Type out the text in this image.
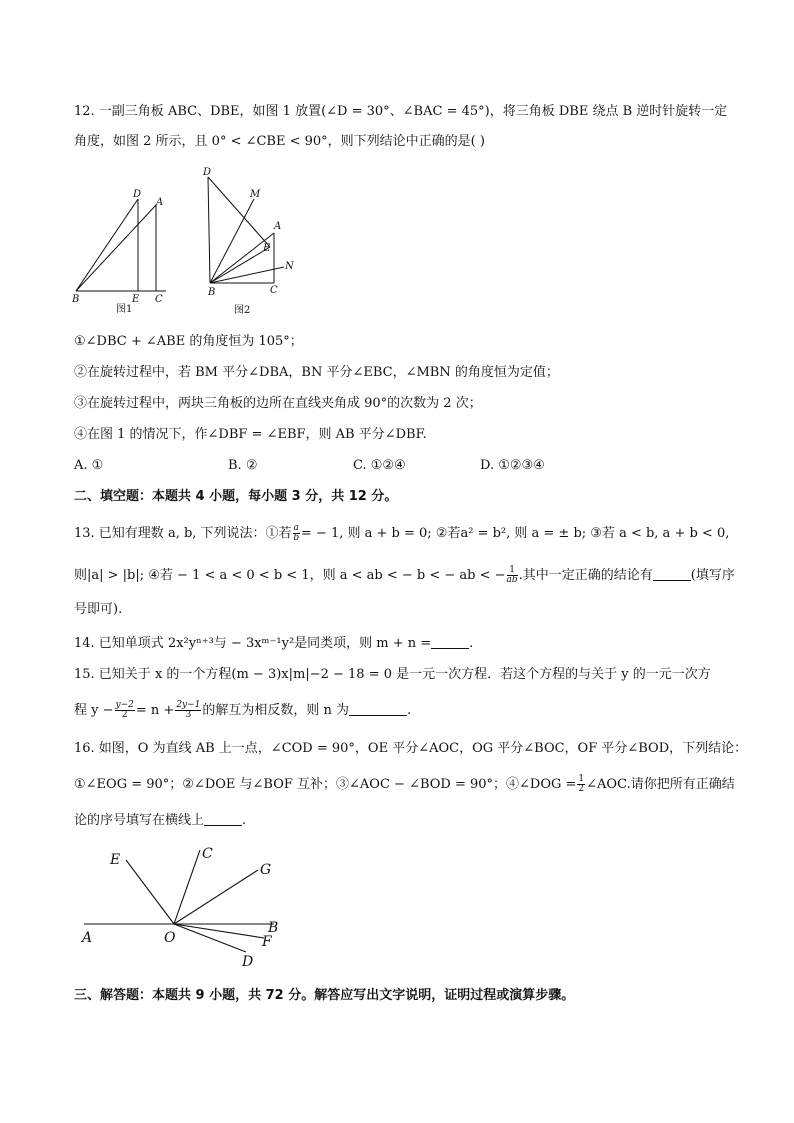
12. 一副三角板 ABC、DBE，如图 1 放置(∠D = 30°、∠BAC = 45°)，将三角板 DBE 绕点 B 逆时针旋转一定
角度，如图 2 所示，且 0° < ∠CBE < 90°，则下列结论中正确的是( )
D
A
B	E C
图1
D
M
A
E
N
B	C
图2
①∠DBC + ∠ABE 的角度恒为 105°；
②在旋转过程中，若 BM 平分∠DBA，BN 平分∠EBC，∠MBN 的角度恒为定值；
③在旋转过程中，两块三角板的边所在直线夹角成 90°的次数为 2 次；
④在图 1 的情况下，作∠DBF = ∠EBF，则 AB 平分∠DBF.
A. ①	B. ②	C. ①②④	D. ①②③④
二、填空题：本题共 4 小题，每小题 3 分，共 12 分。
13. 已知有理数 a, b, 下列说法：①若 $\frac{a}{b}$ = − 1, 则 a + b = 0; ②若a² = b², 则 a = ± b; ③若 a < b, a + b < 0,
则|a| > |b|; ④若 − 1 < a < 0 < b < 1，则 a < ab < − b < − ab < − $\frac{1}{ab}$ .其中一定正确的结论有	(填写序
号即可).
14. 已知单项式 2x²yⁿ⁺³与 − 3xᵐ⁻¹y²是同类项，则 m + n =	.
15. 已知关于 x 的一个方程(m − 3)x|m|−2 − 18 = 0 是一元一次方程．若这个方程的与关于 y 的一元一次方
程 $y - \frac{y-2}{2} = n + \frac{2y-1}{3}$ 的解互为相反数，则 n 为	.
16. 如图，O 为直线 AB 上一点，∠COD = 90°，OE 平分∠AOC，OG 平分∠BOC，OF 平分∠BOD，下列结论：
①∠EOG = 90°；②∠DOE 与∠BOF 互补；③∠AOC − ∠BOD = 90°；④∠DOG = $\frac{1}{2}$ ∠AOC.请你把所有正确结
论的序号填写在横线上	.
E	C
G
A	O
B
F
D
三、解答题：本题共 9 小题，共 72 分。解答应写出文字说明，证明过程或演算步骤。
